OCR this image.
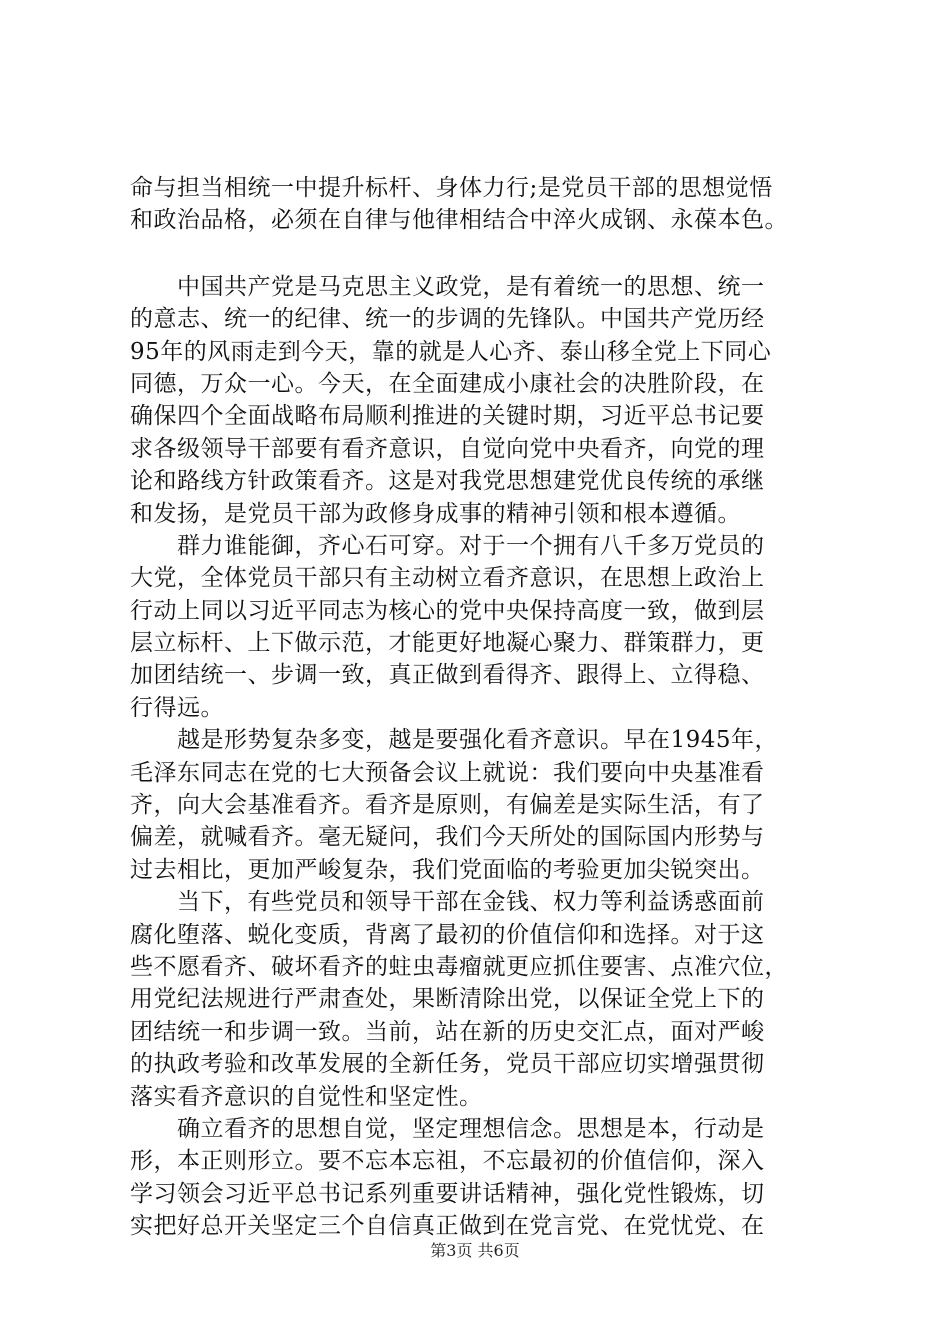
命与担当相统一中提升标杆、身体力行;是党员干部的思想觉悟
和政治品格，必须在自律与他律相结合中淬火成钢、永葆本色。
　　中国共产党是马克思主义政党，是有着统一的思想、统一
的意志、统一的纪律、统一的步调的先锋队。中国共产党历经
95年的风雨走到今天，靠的就是人心齐、泰山移全党上下同心
同德，万众一心。今天，在全面建成小康社会的决胜阶段，在
确保四个全面战略布局顺利推进的关键时期，习近平总书记要
求各级领导干部要有看齐意识，自觉向党中央看齐，向党的理
论和路线方针政策看齐。这是对我党思想建党优良传统的承继
和发扬，是党员干部为政修身成事的精神引领和根本遵循。
　　群力谁能御，齐心石可穿。对于一个拥有八千多万党员的
大党，全体党员干部只有主动树立看齐意识，在思想上政治上
行动上同以习近平同志为核心的党中央保持高度一致，做到层
层立标杆、上下做示范，才能更好地凝心聚力、群策群力，更
加团结统一、步调一致，真正做到看得齐、跟得上、立得稳、
行得远。
　　越是形势复杂多变，越是要强化看齐意识。早在1945年，
毛泽东同志在党的七大预备会议上就说：我们要向中央基准看
齐，向大会基准看齐。看齐是原则，有偏差是实际生活，有了
偏差，就喊看齐。毫无疑问，我们今天所处的国际国内形势与
过去相比，更加严峻复杂，我们党面临的考验更加尖锐突出。
　　当下，有些党员和领导干部在金钱、权力等利益诱惑面前
腐化堕落、蜕化变质，背离了最初的价值信仰和选择。对于这
些不愿看齐、破坏看齐的蛀虫毒瘤就更应抓住要害、点准穴位，
用党纪法规进行严肃查处，果断清除出党，以保证全党上下的
团结统一和步调一致。当前，站在新的历史交汇点，面对严峻
的执政考验和改革发展的全新任务，党员干部应切实增强贯彻
落实看齐意识的自觉性和坚定性。
　　确立看齐的思想自觉，坚定理想信念。思想是本，行动是
形，本正则形立。要不忘本忘祖，不忘最初的价值信仰，深入
学习领会习近平总书记系列重要讲话精神，强化党性锻炼，切
实把好总开关坚定三个自信真正做到在党言党、在党忧党、在
第3页 共6页
